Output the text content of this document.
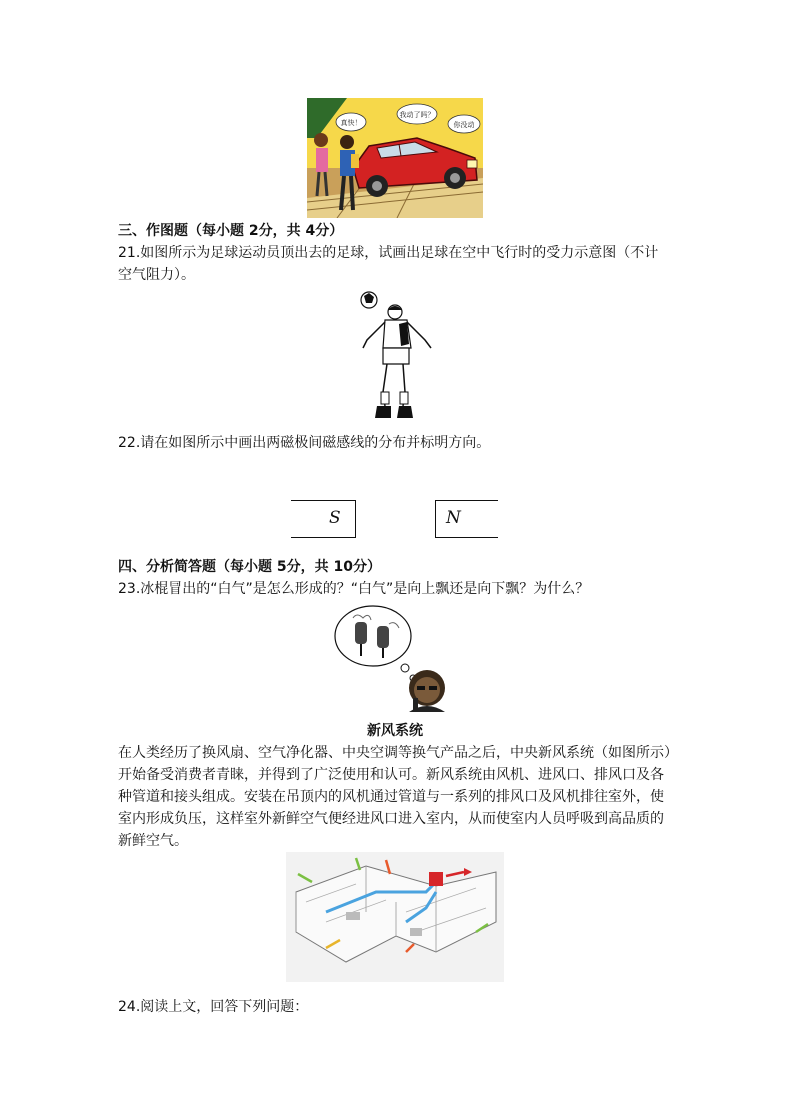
真快！
我动了吗？
你没动
三、作图题（每小题 2分，共 4分）
21.如图所示为足球运动员顶出去的足球，试画出足球在空中飞行时的受力示意图（不计
空气阻力）。
22.请在如图所示中画出两磁极间磁感线的分布并标明方向。
S	N
四、分析简答题（每小题 5分，共 10分）
23.冰棍冒出的“白气”是怎么形成的？“白气”是向上飘还是向下飘？为什么？
新风系统
在人类经历了换风扇、空气净化器、中央空调等换气产品之后，中央新风系统（如图所示）
开始备受消费者青睐，并得到了广泛使用和认可。新风系统由风机、进风口、排风口及各
种管道和接头组成。安装在吊顶内的风机通过管道与一系列的排风口及风机排往室外，使
室内形成负压，这样室外新鲜空气便经进风口进入室内，从而使室内人员呼吸到高品质的
新鲜空气。
24.阅读上文，回答下列问题：
